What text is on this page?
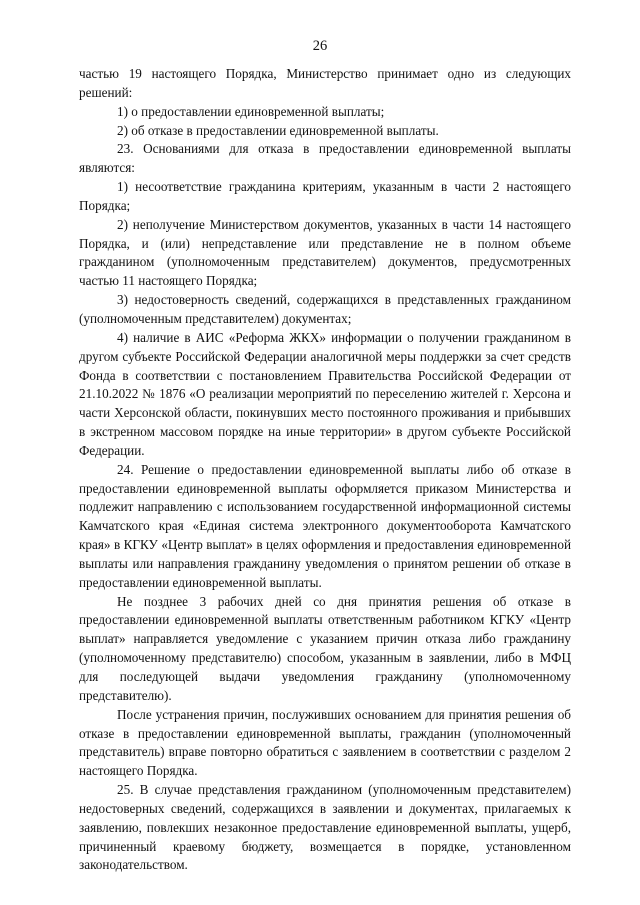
26

частью 19 настоящего Порядка, Министерство принимает одно из следующих решений:

1) о предоставлении единовременной выплаты;

2) об отказе в предоставлении единовременной выплаты.

23. Основаниями для отказа в предоставлении единовременной выплаты являются:

1) несоответствие гражданина критериям, указанным в части 2 настоящего Порядка;

2) неполучение Министерством документов, указанных в части 14 настоящего Порядка, и (или) непредставление или представление не в полном объеме гражданином (уполномоченным представителем) документов, предусмотренных частью 11 настоящего Порядка;

3) недостоверность сведений, содержащихся в представленных гражданином (уполномоченным представителем) документах;

4) наличие в АИС «Реформа ЖКХ» информации о получении гражданином в другом субъекте Российской Федерации аналогичной меры поддержки за счет средств Фонда в соответствии с постановлением Правительства Российской Федерации от 21.10.2022 № 1876 «О реализации мероприятий по переселению жителей г. Херсона и части Херсонской области, покинувших место постоянного проживания и прибывших в экстренном массовом порядке на иные территории» в другом субъекте Российской Федерации.

24. Решение о предоставлении единовременной выплаты либо об отказе в предоставлении единовременной выплаты оформляется приказом Министерства и подлежит направлению с использованием государственной информационной системы Камчатского края «Единая система электронного документооборота Камчатского края» в КГКУ «Центр выплат» в целях оформления и предоставления единовременной выплаты или направления гражданину уведомления о принятом решении об отказе в предоставлении единовременной выплаты.

Не позднее 3 рабочих дней со дня принятия решения об отказе в предоставлении единовременной выплаты ответственным работником КГКУ «Центр выплат» направляется уведомление с указанием причин отказа либо гражданину (уполномоченному представителю) способом, указанным в заявлении, либо в МФЦ для последующей выдачи уведомления гражданину (уполномоченному представителю).

После устранения причин, послуживших основанием для принятия решения об отказе в предоставлении единовременной выплаты, гражданин (уполномоченный представитель) вправе повторно обратиться с заявлением в соответствии с разделом 2 настоящего Порядка.

25. В случае представления гражданином (уполномоченным представителем) недостоверных сведений, содержащихся в заявлении и документах, прилагаемых к заявлению, повлекших незаконное предоставление единовременной выплаты, ущерб, причиненный краевому бюджету, возмещается в порядке, установленном законодательством.
